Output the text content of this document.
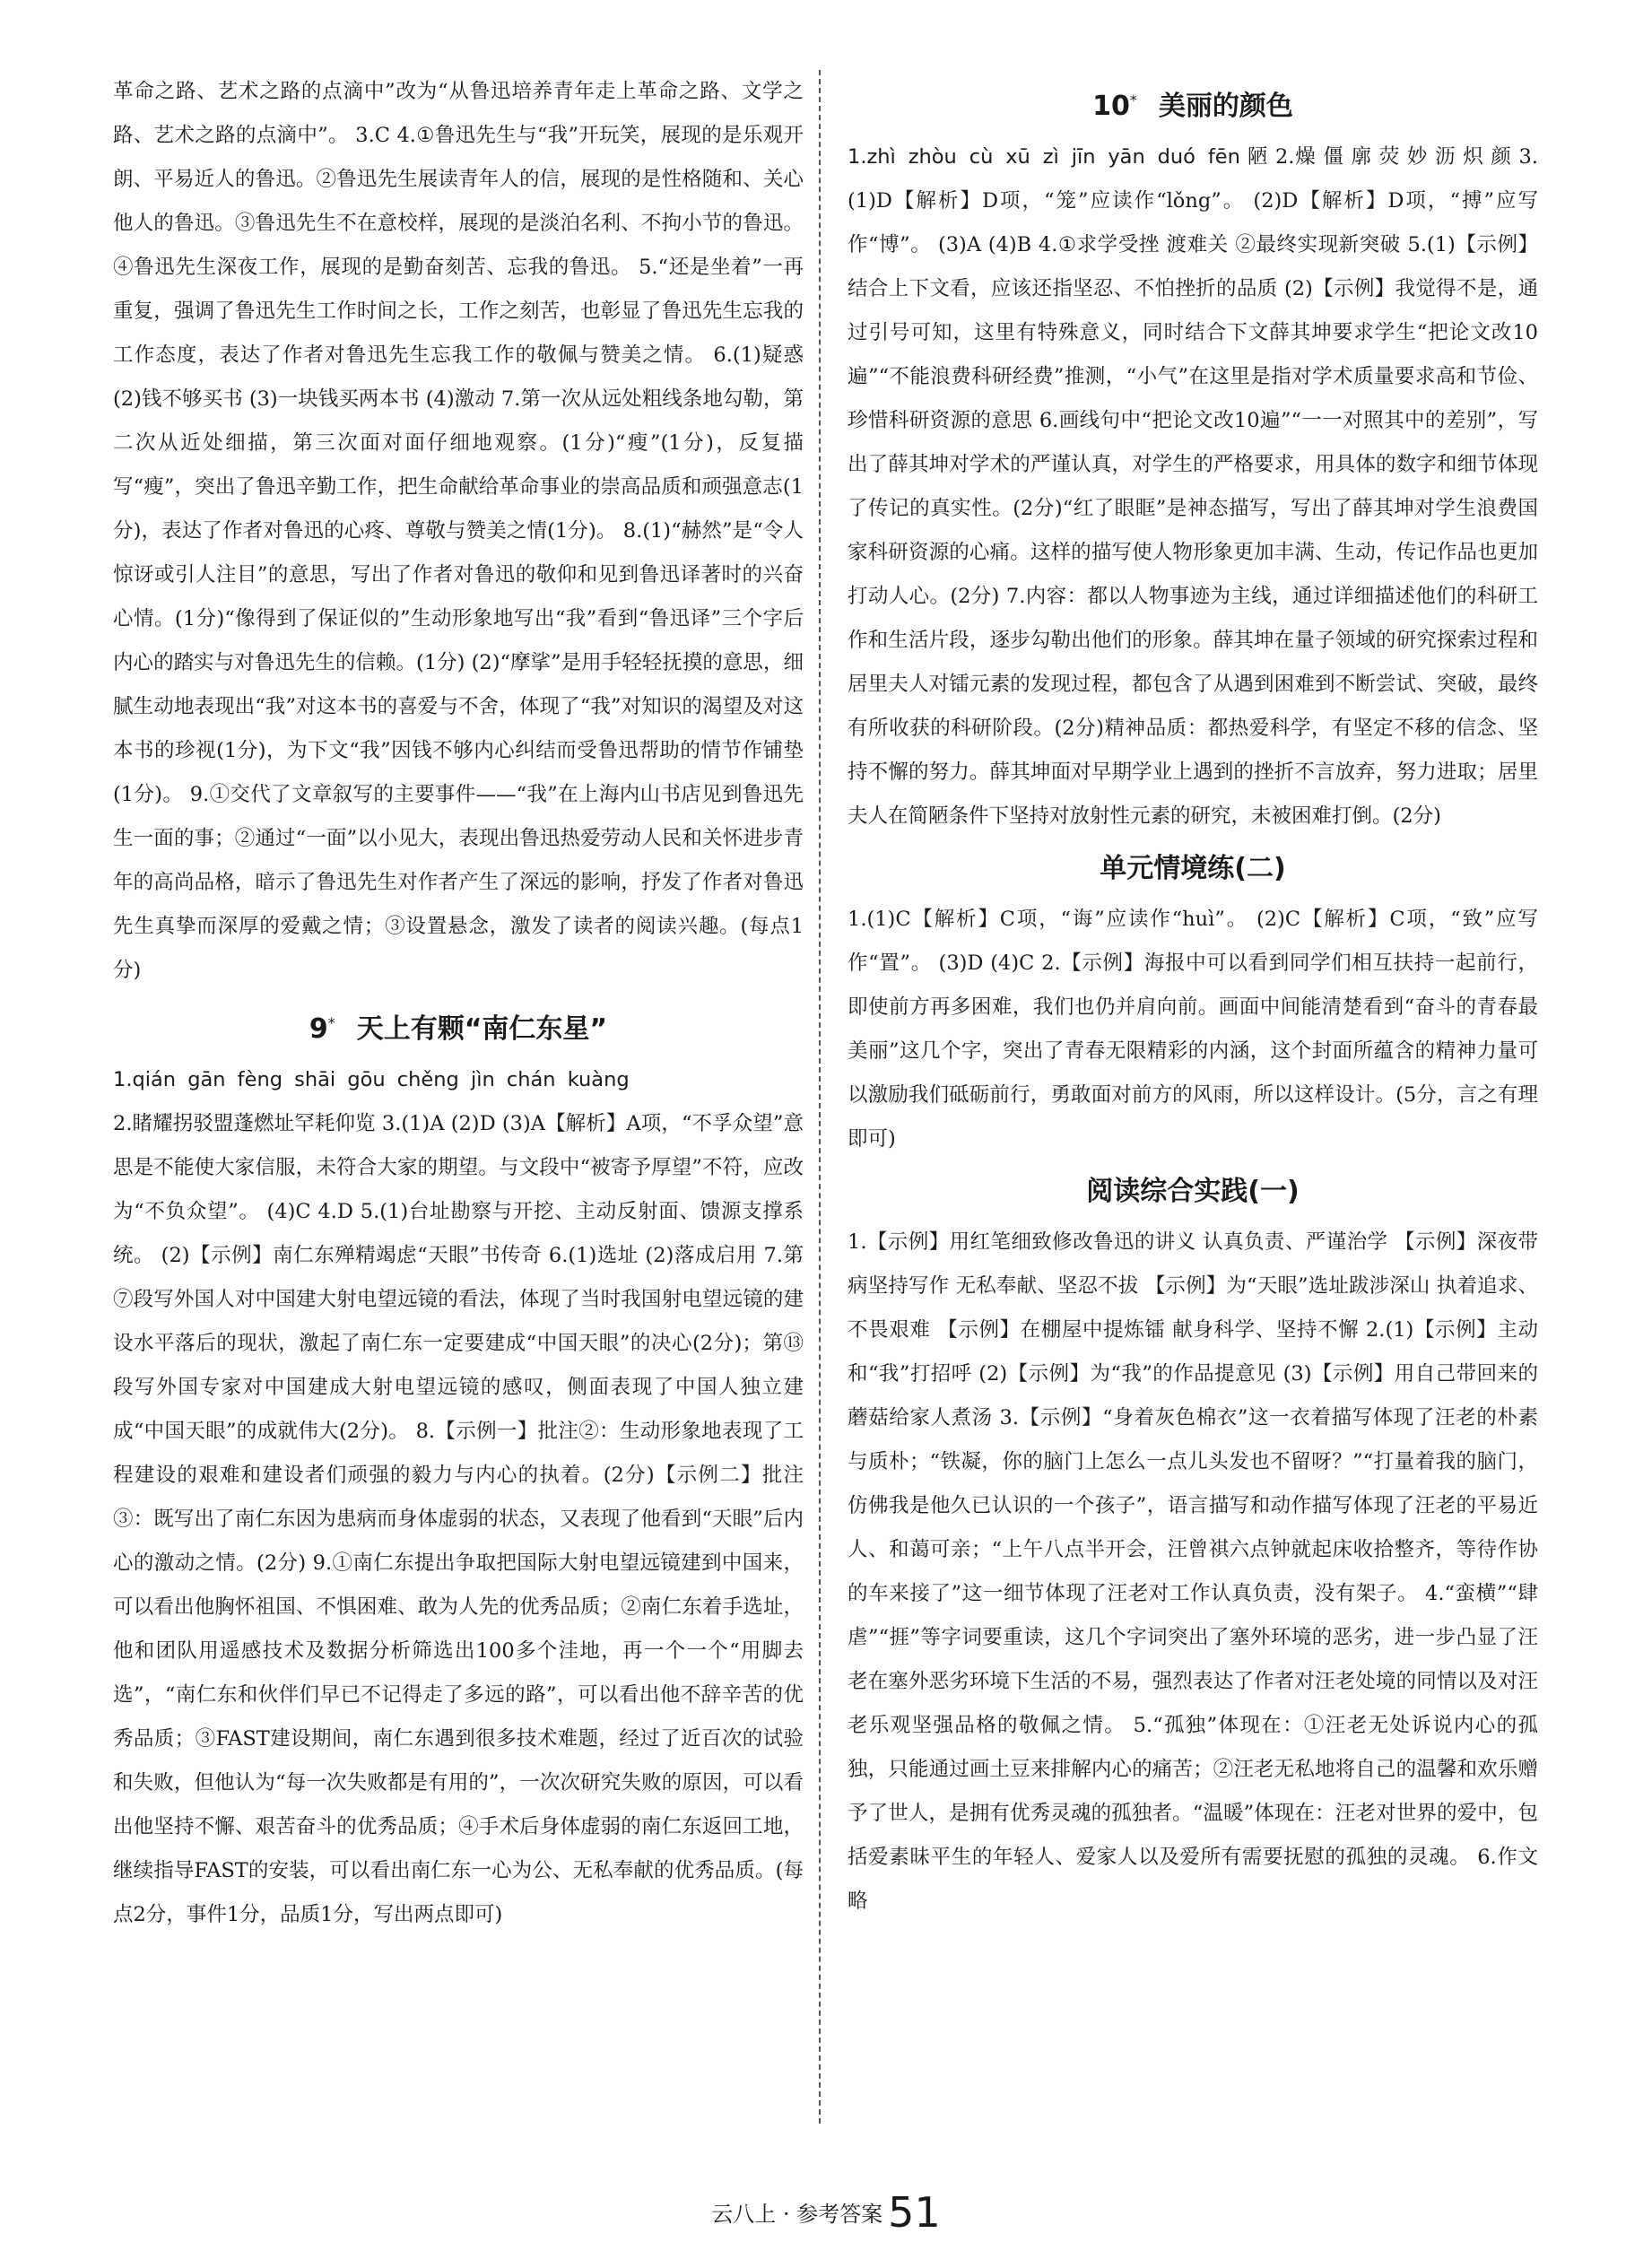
革命之路、艺术之路的点滴中”改为“从鲁迅培养青年走上革命之路、文学之路、艺术之路的点滴中”。 3.C 4.①鲁迅先生与“我”开玩笑，展现的是乐观开朗、平易近人的鲁迅。②鲁迅先生展读青年人的信，展现的是性格随和、关心他人的鲁迅。③鲁迅先生不在意校样，展现的是淡泊名利、不拘小节的鲁迅。④鲁迅先生深夜工作，展现的是勤奋刻苦、忘我的鲁迅。 5.“还是坐着”一再重复，强调了鲁迅先生工作时间之长，工作之刻苦，也彰显了鲁迅先生忘我的工作态度，表达了作者对鲁迅先生忘我工作的敬佩与赞美之情。 6.(1)疑惑 (2)钱不够买书 (3)一块钱买两本书 (4)激动 7.第一次从远处粗线条地勾勒，第二次从近处细描，第三次面对面仔细地观察。(1分)“瘦”(1分)，反复描写“瘦”，突出了鲁迅辛勤工作，把生命献给革命事业的崇高品质和顽强意志(1分)，表达了作者对鲁迅的心疼、尊敬与赞美之情(1分)。 8.(1)“赫然”是“令人惊讶或引人注目”的意思，写出了作者对鲁迅的敬仰和见到鲁迅译著时的兴奋心情。(1分)“像得到了保证似的”生动形象地写出“我”看到“鲁迅译”三个字后内心的踏实与对鲁迅先生的信赖。(1分) (2)“摩挲”是用手轻轻抚摸的意思，细腻生动地表现出“我”对这本书的喜爱与不舍，体现了“我”对知识的渴望及对这本书的珍视(1分)，为下文“我”因钱不够内心纠结而受鲁迅帮助的情节作铺垫(1分)。 9.①交代了文章叙写的主要事件——“我”在上海内山书店见到鲁迅先生一面的事；②通过“一面”以小见大，表现出鲁迅热爱劳动人民和关怀进步青年的高尚品格，暗示了鲁迅先生对作者产生了深远的影响，抒发了作者对鲁迅先生真挚而深厚的爱戴之情；③设置悬念，激发了读者的阅读兴趣。(每点1分)

9* 天上有颗“南仁东星”

1.qián gān fèng shāi gōu chěng jìn chán kuàng

2.睹耀拐驳盟蓬燃址罕耗仰览 3.(1)A (2)D (3)A【解析】A项，“不孚众望”意思是不能使大家信服，未符合大家的期望。与文段中“被寄予厚望”不符，应改为“不负众望”。 (4)C 4.D 5.(1)台址勘察与开挖、主动反射面、馈源支撑系统。 (2)【示例】南仁东殚精竭虑“天眼”书传奇 6.(1)选址 (2)落成启用 7.第⑦段写外国人对中国建大射电望远镜的看法，体现了当时我国射电望远镜的建设水平落后的现状，激起了南仁东一定要建成“中国天眼”的决心(2分)；第⑬段写外国专家对中国建成大射电望远镜的感叹，侧面表现了中国人独立建成“中国天眼”的成就伟大(2分)。 8.【示例一】批注②：生动形象地表现了工程建设的艰难和建设者们顽强的毅力与内心的执着。(2分)【示例二】批注③：既写出了南仁东因为患病而身体虚弱的状态，又表现了他看到“天眼”后内心的激动之情。(2分) 9.①南仁东提出争取把国际大射电望远镜建到中国来，可以看出他胸怀祖国、不惧困难、敢为人先的优秀品质；②南仁东着手选址，他和团队用遥感技术及数据分析筛选出100多个洼地，再一个一个“用脚去选”，“南仁东和伙伴们早已不记得走了多远的路”，可以看出他不辞辛苦的优秀品质；③FAST建设期间，南仁东遇到很多技术难题，经过了近百次的试验和失败，但他认为“每一次失败都是有用的”，一次次研究失败的原因，可以看出他坚持不懈、艰苦奋斗的优秀品质；④手术后身体虚弱的南仁东返回工地，继续指导FAST的安装，可以看出南仁东一心为公、无私奉献的优秀品质。(每点2分，事件1分，品质1分，写出两点即可)

10* 美丽的颜色

1.zhì zhòu cù xū zì jīn yān duó fēn 陋 2.燥 僵 廓 荧 妙 沥 炽 颜 3.(1)D【解析】D项，“笼”应读作“lǒng”。 (2)D【解析】D项，“搏”应写作“博”。 (3)A (4)B 4.①求学受挫 渡难关 ②最终实现新突破 5.(1)【示例】结合上下文看，应该还指坚忍、不怕挫折的品质 (2)【示例】我觉得不是，通过引号可知，这里有特殊意义，同时结合下文薛其坤要求学生“把论文改10遍”“不能浪费科研经费”推测，“小气”在这里是指对学术质量要求高和节俭、珍惜科研资源的意思 6.画线句中“把论文改10遍”“一一对照其中的差别”，写出了薛其坤对学术的严谨认真，对学生的严格要求，用具体的数字和细节体现了传记的真实性。(2分)“红了眼眶”是神态描写，写出了薛其坤对学生浪费国家科研资源的心痛。这样的描写使人物形象更加丰满、生动，传记作品也更加打动人心。(2分) 7.内容：都以人物事迹为主线，通过详细描述他们的科研工作和生活片段，逐步勾勒出他们的形象。薛其坤在量子领域的研究探索过程和居里夫人对镭元素的发现过程，都包含了从遇到困难到不断尝试、突破，最终有所收获的科研阶段。(2分)精神品质：都热爱科学，有坚定不移的信念、坚持不懈的努力。薛其坤面对早期学业上遇到的挫折不言放弃，努力进取；居里夫人在简陋条件下坚持对放射性元素的研究，未被困难打倒。(2分)

单元情境练(二)

1.(1)C【解析】C项，“诲”应读作“huì”。 (2)C【解析】C项，“致”应写作“置”。 (3)D (4)C 2.【示例】海报中可以看到同学们相互扶持一起前行，即使前方再多困难，我们也仍并肩向前。画面中间能清楚看到“奋斗的青春最美丽”这几个字，突出了青春无限精彩的内涵，这个封面所蕴含的精神力量可以激励我们砥砺前行，勇敢面对前方的风雨，所以这样设计。(5分，言之有理即可)

阅读综合实践(一)

1.【示例】用红笔细致修改鲁迅的讲义 认真负责、严谨治学 【示例】深夜带病坚持写作 无私奉献、坚忍不拔 【示例】为“天眼”选址跋涉深山 执着追求、不畏艰难 【示例】在棚屋中提炼镭 献身科学、坚持不懈 2.(1)【示例】主动和“我”打招呼 (2)【示例】为“我”的作品提意见 (3)【示例】用自己带回来的蘑菇给家人煮汤 3.【示例】“身着灰色棉衣”这一衣着描写体现了汪老的朴素与质朴；“铁凝，你的脑门上怎么一点儿头发也不留呀？”“打量着我的脑门，仿佛我是他久已认识的一个孩子”，语言描写和动作描写体现了汪老的平易近人、和蔼可亲；“上午八点半开会，汪曾祺六点钟就起床收拾整齐，等待作协的车来接了”这一细节体现了汪老对工作认真负责，没有架子。 4.“蛮横”“肆虐”“捱”等字词要重读，这几个字词突出了塞外环境的恶劣，进一步凸显了汪老在塞外恶劣环境下生活的不易，强烈表达了作者对汪老处境的同情以及对汪老乐观坚强品格的敬佩之情。 5.“孤独”体现在：①汪老无处诉说内心的孤独，只能通过画土豆来排解内心的痛苦；②汪老无私地将自己的温馨和欢乐赠予了世人，是拥有优秀灵魂的孤独者。“温暖”体现在：汪老对世界的爱中，包括爱素昧平生的年轻人、爱家人以及爱所有需要抚慰的孤独的灵魂。 6.作文略

云八上 · 参考答案 51
